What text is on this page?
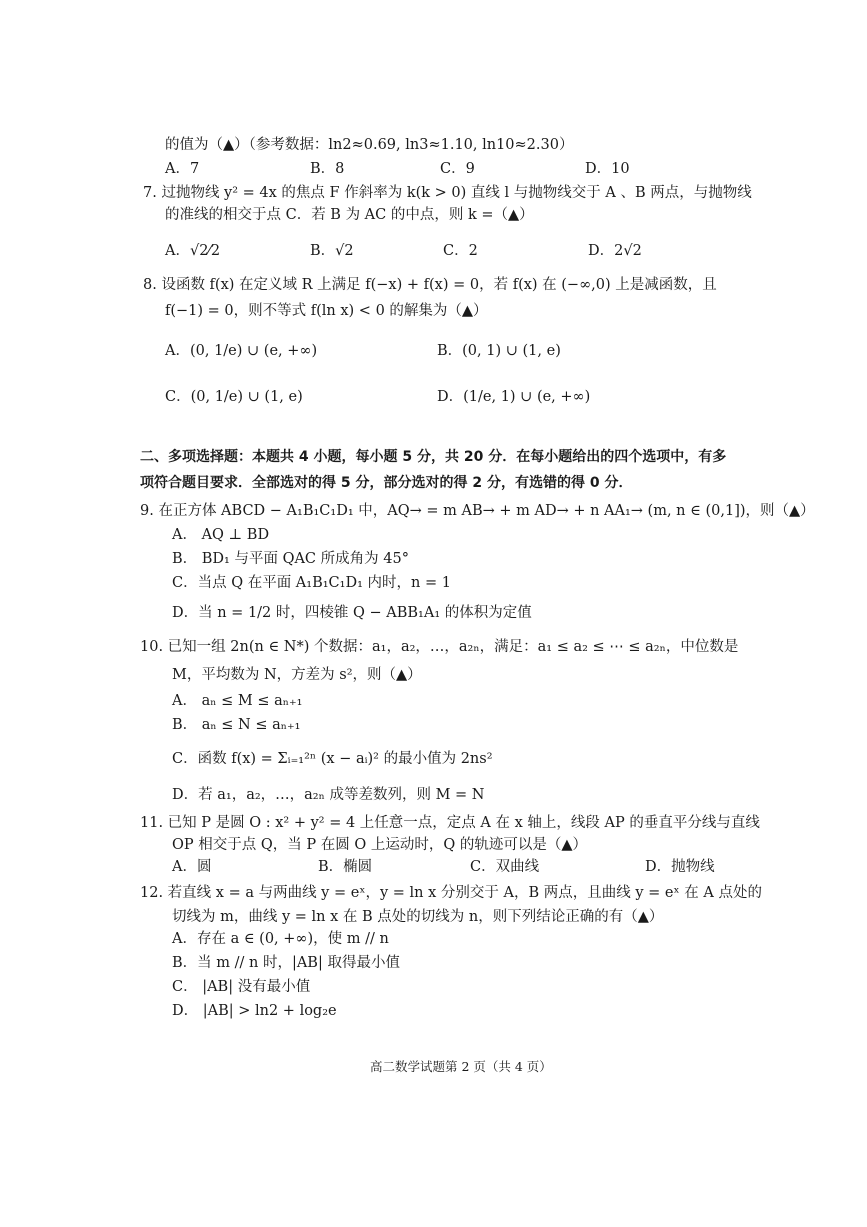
的值为（▲）（参考数据：ln2≈0.69, ln3≈1.10, ln10≈2.30）
7. 过抛物线 y² = 4x 的焦点 F 作斜率为 k(k > 0) 直线 l 与抛物线交于 A 、B 两点，与抛物线
的准线的相交于点 C．若 B 为 AC 的中点，则 k =（▲）
8. 设函数 f(x) 在定义域 R 上满足 f(−x) + f(x) = 0，若 f(x) 在 (−∞,0) 上是减函数，且
f(−1) = 0，则不等式 f(ln x) < 0 的解集为（▲）
二、多项选择题：本题共 4 小题，每小题 5 分，共 20 分．在每小题给出的四个选项中，有多
项符合题目要求．全部选对的得 5 分，部分选对的得 2 分，有选错的得 0 分．
9. 在正方体 ABCD − A₁B₁C₁D₁ 中，AQ→ = m AB→ + m AD→ + n AA₁→ (m, n ∈ (0,1])，则（▲）
10. 已知一组 2n(n ∈ N*) 个数据：a₁，a₂，…，a₂ₙ，满足：a₁ ≤ a₂ ≤ ⋯ ≤ a₂ₙ，中位数是
M，平均数为 N，方差为 s²，则（▲）
11. 已知 P 是圆 O : x² + y² = 4 上任意一点，定点 A 在 x 轴上，线段 AP 的垂直平分线与直线
OP 相交于点 Q，当 P 在圆 O 上运动时，Q 的轨迹可以是（▲）
12. 若直线 x = a 与两曲线 y = eˣ，y = ln x 分别交于 A，B 两点，且曲线 y = eˣ 在 A 点处的
切线为 m，曲线 y = ln x 在 B 点处的切线为 n，则下列结论正确的有（▲）
高二数学试题第 2 页（共 4 页）
A．7	B．8	C．9	D．10
A．√2⁄2	B．√2	C．2	D．2√2
A．(0, 1/e) ∪ (e, +∞)	B．(0, 1) ∪ (1, e)
C．(0, 1/e) ∪ (1, e)	D．(1/e, 1) ∪ (e, +∞)
A． AQ ⊥ BD
B． BD₁ 与平面 QAC 所成角为 45°
C．当点 Q 在平面 A₁B₁C₁D₁ 内时，n = 1
D．当 n = 1/2 时，四棱锥 Q − ABB₁A₁ 的体积为定值
A． aₙ ≤ M ≤ aₙ₊₁
B． aₙ ≤ N ≤ aₙ₊₁
C．函数 f(x) = Σᵢ₌₁²ⁿ (x − aᵢ)² 的最小值为 2ns²
D．若 a₁，a₂，…，a₂ₙ 成等差数列，则 M = N
A．圆	B．椭圆	C．双曲线	D．抛物线
A．存在 a ∈ (0, +∞)，使 m // n
B．当 m // n 时，|AB| 取得最小值
C． |AB| 没有最小值
D． |AB| > ln2 + log₂e
